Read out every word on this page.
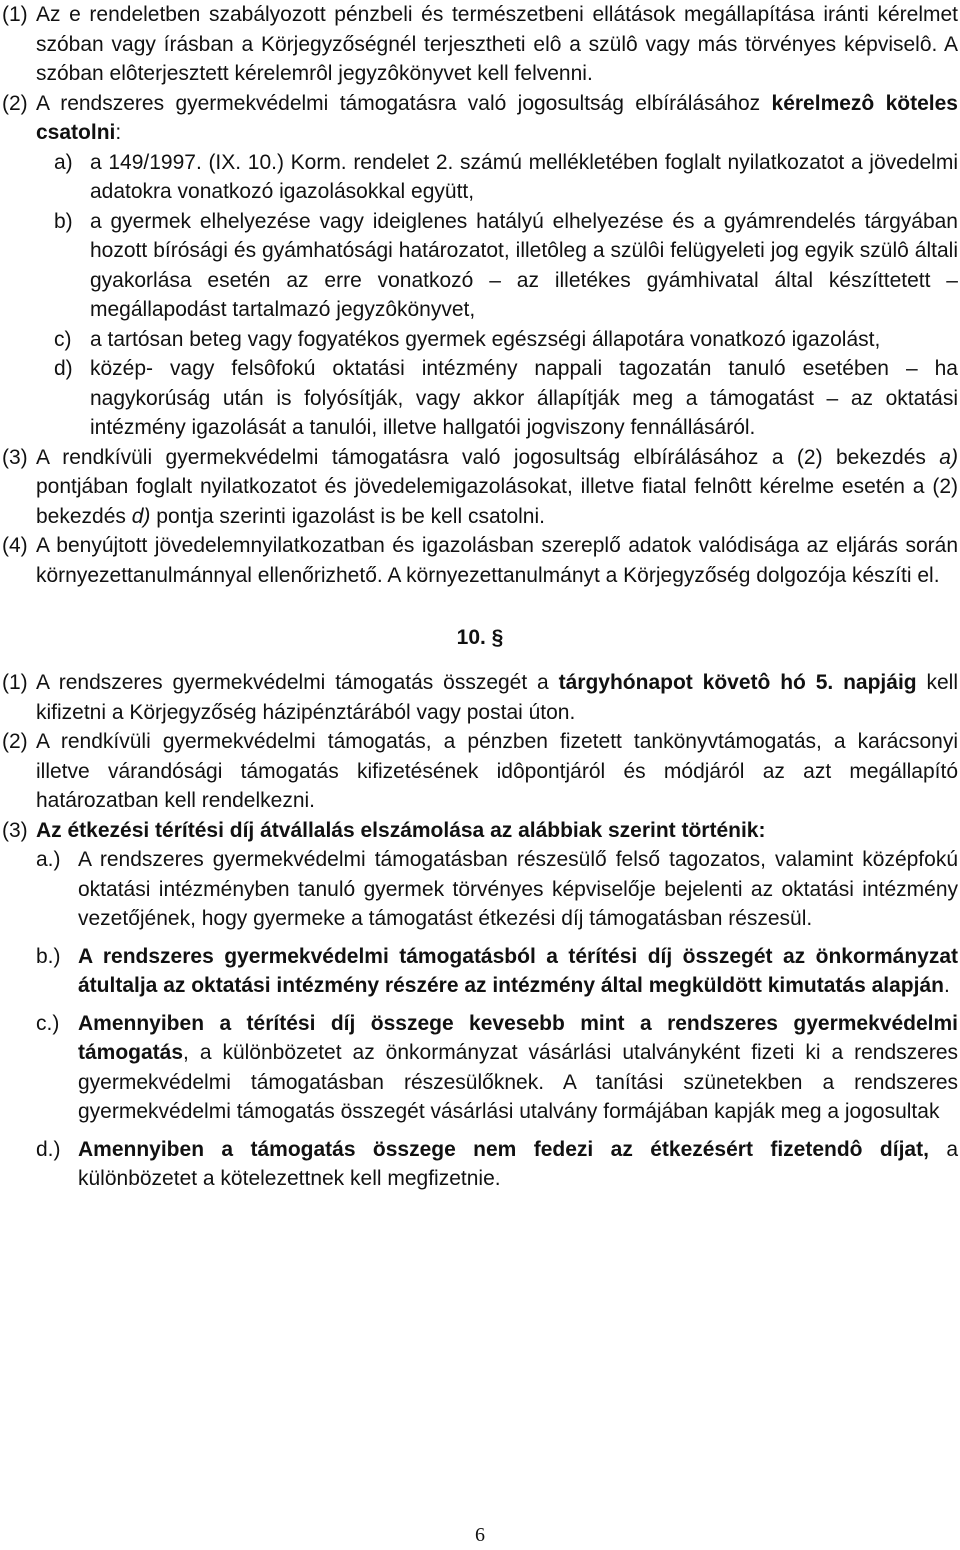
(1) Az e rendeletben szabályozott pénzbeli és természetbeni ellátások megállapítása iránti kérelmet szóban vagy írásban a Körjegyzőségnél terjesztheti elô a szülô vagy más törvényes képviselô. A szóban elôterjesztett kérelemrôl jegyzôkönyvet kell felvenni.

(2) A rendszeres gyermekvédelmi támogatásra való jogosultság elbírálásához kérelmezô köteles csatolni:

a) a 149/1997. (IX. 10.) Korm. rendelet 2. számú mellékletében foglalt nyilatkozatot a jövedelmi adatokra vonatkozó igazolásokkal együtt,

b) a gyermek elhelyezése vagy ideiglenes hatályú elhelyezése és a gyámrendelés tárgyában hozott bírósági és gyámhatósági határozatot, illetôleg a szülôi felügyeleti jog egyik szülô általi gyakorlása esetén az erre vonatkozó – az illetékes gyámhivatal által készíttetett – megállapodást tartalmazó jegyzôkönyvet,

c) a tartósan beteg vagy fogyatékos gyermek egészségi állapotára vonatkozó igazolást,

d) közép- vagy felsôfokú oktatási intézmény nappali tagozatán tanuló esetében – ha nagykorúság után is folyósítják, vagy akkor állapítják meg a támogatást – az oktatási intézmény igazolását a tanulói, illetve hallgatói jogviszony fennállásáról.

(3) A rendkívüli gyermekvédelmi támogatásra való jogosultság elbírálásához a (2) bekezdés a) pontjában foglalt nyilatkozatot és jövedelemigazolásokat, illetve fiatal felnôtt kérelme esetén a (2) bekezdés d) pontja szerinti igazolást is be kell csatolni.

(4) A benyújtott jövedelemnyilatkozatban és igazolásban szereplő adatok valódisága az eljárás során környezettanulmánnyal ellenőrizhető. A környezettanulmányt a Körjegyzőség dolgozója készíti el.

10. §

(1) A rendszeres gyermekvédelmi támogatás összegét a tárgyhónapot követô hó 5. napjáig kell kifizetni a Körjegyzőség házipénztárából vagy postai úton.

(2) A rendkívüli gyermekvédelmi támogatás, a pénzben fizetett tankönyvtámogatás, a karácsonyi illetve várandósági támogatás kifizetésének idôpontjáról és módjáról az azt megállapító határozatban kell rendelkezni.

(3) Az étkezési térítési díj átvállalás elszámolása az alábbiak szerint történik:

a.) A rendszeres gyermekvédelmi támogatásban részesülő felső tagozatos, valamint középfokú oktatási intézményben tanuló gyermek törvényes képviselője bejelenti az oktatási intézmény vezetőjének, hogy gyermeke a támogatást étkezési díj támogatásban részesül.

b.) A rendszeres gyermekvédelmi támogatásból a térítési díj összegét az önkormányzat átultalja az oktatási intézmény részére az intézmény által megküldött kimutatás alapján.

c.) Amennyiben a térítési díj összege kevesebb mint a rendszeres gyermekvédelmi támogatás, a különbözetet az önkormányzat vásárlási utalványként fizeti ki a rendszeres gyermekvédelmi támogatásban részesülőknek. A tanítási szünetekben a rendszeres gyermekvédelmi támogatás összegét vásárlási utalvány formájában kapják meg a jogosultak

d.) Amennyiben a támogatás összege nem fedezi az étkezésért fizetendô díjat, a különbözetet a kötelezettnek kell megfizetnie.

6
